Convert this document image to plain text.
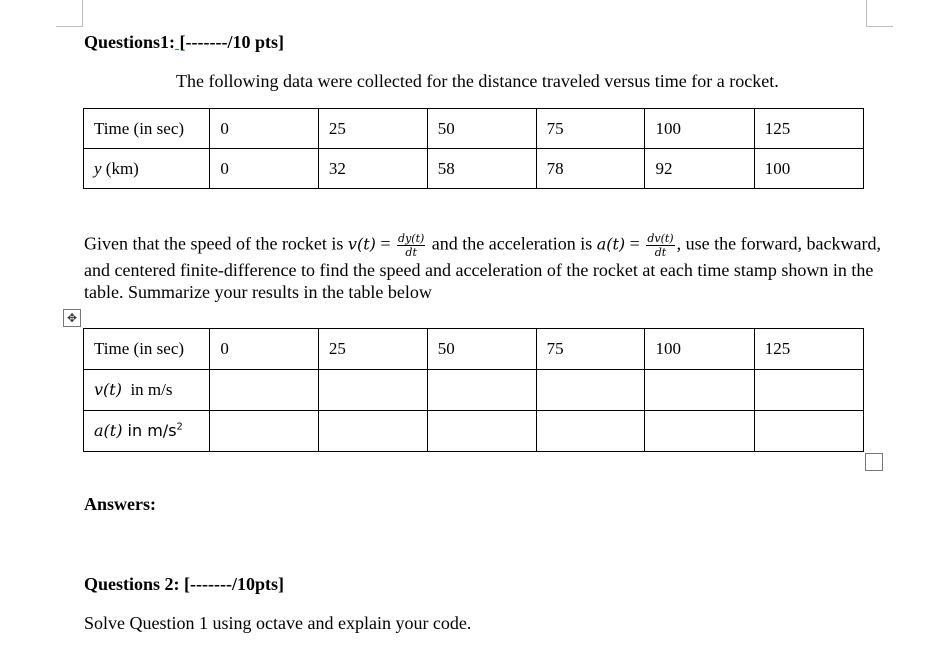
Questions1: [-------/10 pts]
The following data were collected for the distance traveled versus time for a rocket.
Time (in sec)	0	25	50	75	100	125
y (km)	0	32	58	78	92	100
Given that the speed of the rocket is $v(t) = \frac{dy(t)}{dt}$ and the acceleration is $a(t) = \frac{dv(t)}{dt}$ , use the forward, backward, and centered finite-difference to find the speed and acceleration of the rocket at each time stamp shown in the table. Summarize your results in the table below
✥
Time (in sec)	0	25	50	75	100	125
v(t)  in m/s						
a(t) in $m/s^2$						
Answers:
Questions 2: [-------/10pts]
Solve Question 1 using octave and explain your code.
